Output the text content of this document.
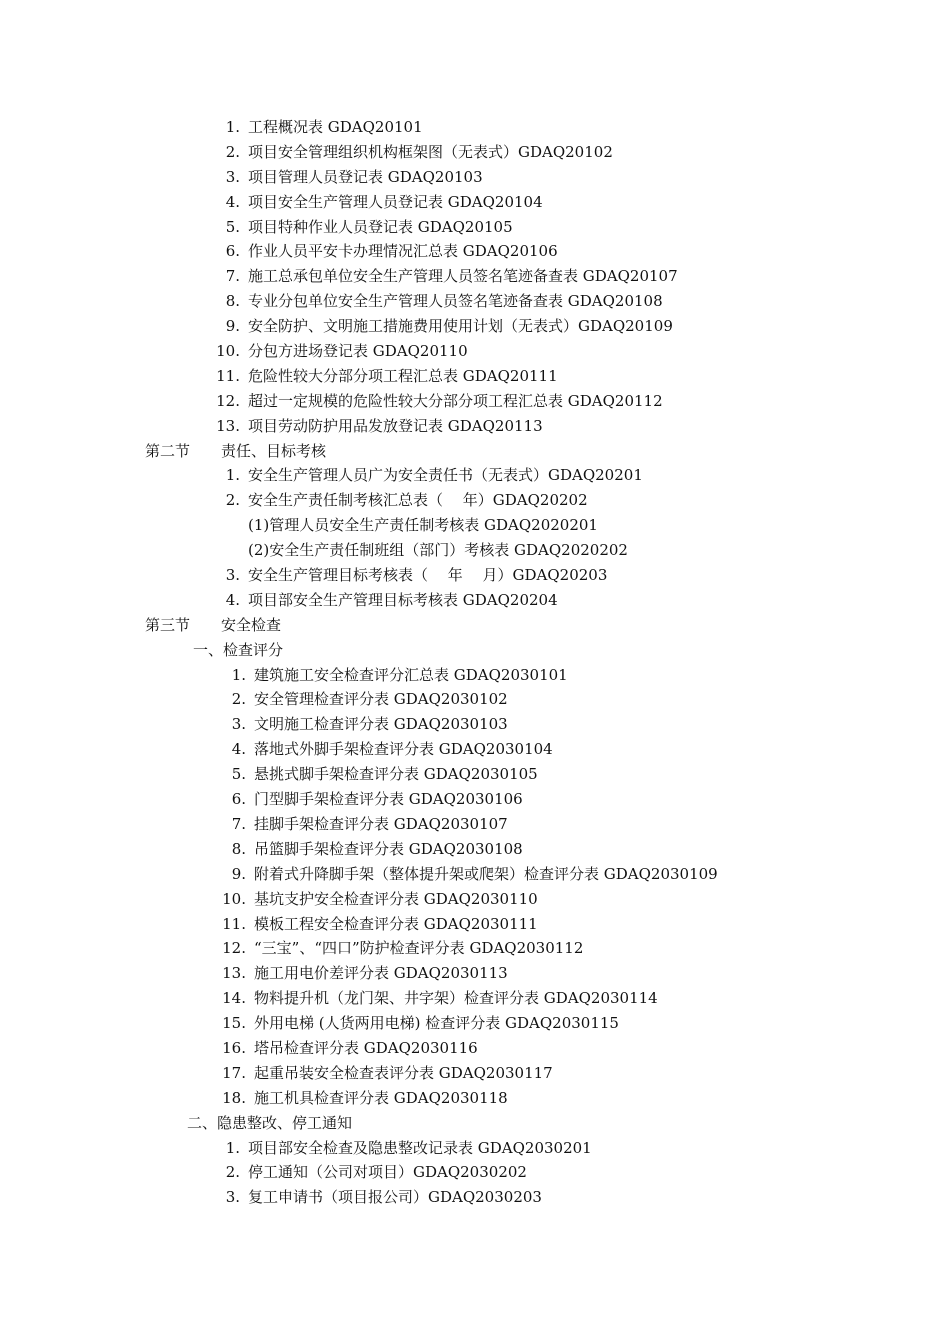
1. 工程概况表 GDAQ20101
2. 项目安全管理组织机构框架图（无表式）GDAQ20102
3. 项目管理人员登记表 GDAQ20103
4. 项目安全生产管理人员登记表 GDAQ20104
5. 项目特种作业人员登记表 GDAQ20105
6. 作业人员平安卡办理情况汇总表 GDAQ20106
7. 施工总承包单位安全生产管理人员签名笔迹备查表 GDAQ20107
8. 专业分包单位安全生产管理人员签名笔迹备查表 GDAQ20108
9. 安全防护、文明施工措施费用使用计划（无表式）GDAQ20109
10. 分包方进场登记表 GDAQ20110
11. 危险性较大分部分项工程汇总表 GDAQ20111
12. 超过一定规模的危险性较大分部分项工程汇总表 GDAQ20112
13. 项目劳动防护用品发放登记表 GDAQ20113
第二节 责任、目标考核
1. 安全生产管理人员广为安全责任书（无表式）GDAQ20201
2. 安全生产责任制考核汇总表（　 年）GDAQ20202
(1)管理人员安全生产责任制考核表 GDAQ2020201
(2)安全生产责任制班组（部门）考核表 GDAQ2020202
3. 安全生产管理目标考核表（　 年　 月）GDAQ20203
4. 项目部安全生产管理目标考核表 GDAQ20204
第三节 安全检查
一、检查评分
1. 建筑施工安全检查评分汇总表 GDAQ2030101
2. 安全管理检查评分表 GDAQ2030102
3. 文明施工检查评分表 GDAQ2030103
4. 落地式外脚手架检查评分表 GDAQ2030104
5. 悬挑式脚手架检查评分表 GDAQ2030105
6. 门型脚手架检查评分表 GDAQ2030106
7. 挂脚手架检查评分表 GDAQ2030107
8. 吊篮脚手架检查评分表 GDAQ2030108
9. 附着式升降脚手架（整体提升架或爬架）检查评分表 GDAQ2030109
10. 基坑支护安全检查评分表 GDAQ2030110
11. 模板工程安全检查评分表 GDAQ2030111
12. “三宝”、“四口”防护检查评分表 GDAQ2030112
13. 施工用电价差评分表 GDAQ2030113
14. 物料提升机（龙门架、井字架）检查评分表 GDAQ2030114
15. 外用电梯 (人货两用电梯) 检查评分表 GDAQ2030115
16. 塔吊检查评分表 GDAQ2030116
17. 起重吊装安全检查表评分表 GDAQ2030117
18. 施工机具检查评分表 GDAQ2030118
二、隐患整改、停工通知
1. 项目部安全检查及隐患整改记录表 GDAQ2030201
2. 停工通知（公司对项目）GDAQ2030202
3. 复工申请书（项目报公司）GDAQ2030203
